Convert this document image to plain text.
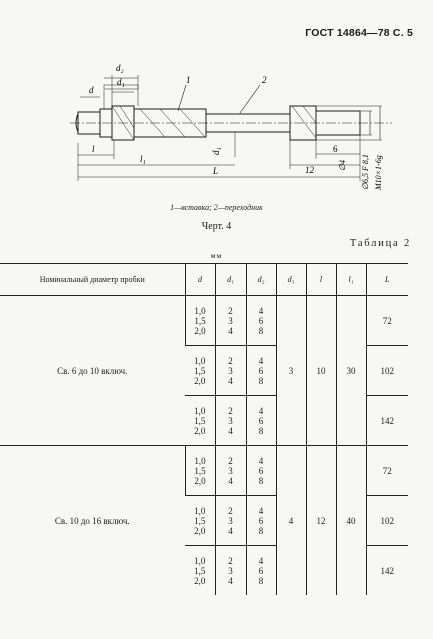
ГОСТ 14864—78 С. 5
d₂
d₁
d
l
l₁
L
d₁	6
12	∅4 ∅6,5 F 8,1 M10×1-6g
1	2
1—вставка; 2—переходник
Черт. 4
мм
Таблица 2
Номинальный диаметр пробки	d	d₁	d₂	d₃	l	l₁	L
Св. 6 до 10 включ.	1,0
1,5
2,0	2
3
4	4
6
8	3	10	30	72

	1,0
1,5
2,0	2
3
4	4
6
8				102

	1,0
1,5
2,0	2
3
4	4
6
8				142
Св. 10 до 16 включ.	1,0
1,5
2,0	2
3
4	4
6
8	4	12	40	72

	1,0
1,5
2,0	2
3
4	4
6
8				102

	1,0
1,5
2,0	2
3
4	4
6
8				142
